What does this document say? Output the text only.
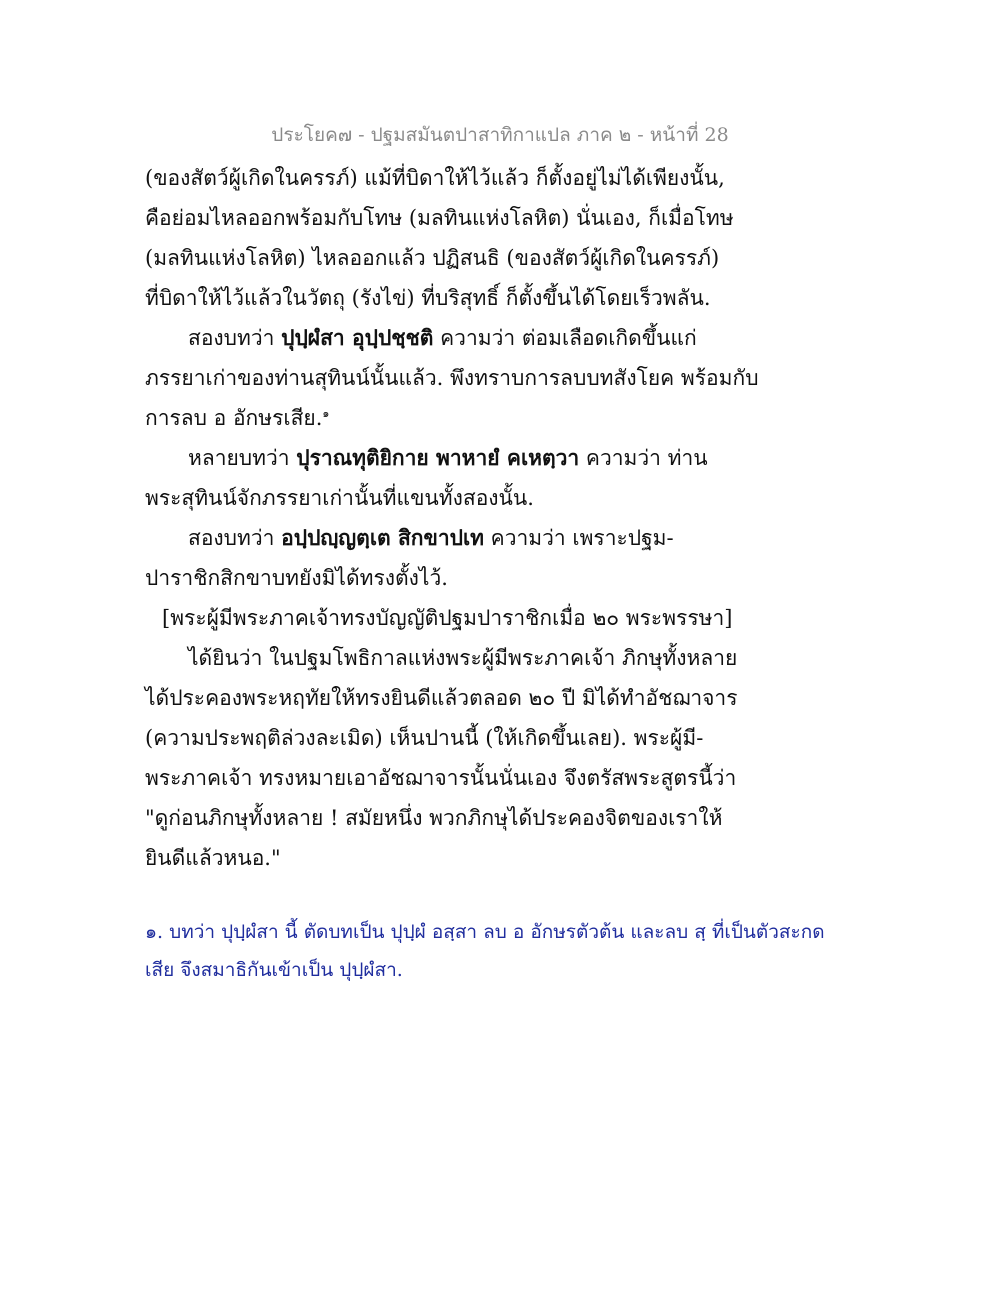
ประโยค๗ - ปฐมสมันตปาสาทิกาแปล ภาค ๒ - หน้าที่ 28
(ของสัตว์ผู้เกิดในครรภ์) แม้ที่บิดาให้ไว้แล้ว ก็ตั้งอยู่ไม่ได้เพียงนั้น,
คือย่อมไหลออกพร้อมกับโทษ (มลทินแห่งโลหิต) นั่นเอง, ก็เมื่อโทษ
(มลทินแห่งโลหิต) ไหลออกแล้ว ปฏิสนธิ (ของสัตว์ผู้เกิดในครรภ์)
ที่บิดาให้ไว้แล้วในวัตถุ (รังไข่) ที่บริสุทธิ์ ก็ตั้งขึ้นได้โดยเร็วพลัน.
สองบทว่า ปุปฺผํสา อุปฺปชฺชติ ความว่า ต่อมเลือดเกิดขึ้นแก่
ภรรยาเก่าของท่านสุทินน์นั้นแล้ว. พึงทราบการลบบทสังโยค พร้อมกับ
การลบ อ อักษรเสีย.$^๑$
หลายบทว่า ปุราณทุติยิกาย พาหายํ คเหตฺวา ความว่า ท่าน
พระสุทินน์จักภรรยาเก่านั้นที่แขนทั้งสองนั้น.
สองบทว่า อปฺปญฺญตฺเต สิกขาปเท ความว่า เพราะปฐม-
ปาราชิกสิกขาบทยังมิได้ทรงตั้งไว้.
[พระผู้มีพระภาคเจ้าทรงบัญญัติปฐมปาราชิกเมื่อ ๒๐ พระพรรษา]
ได้ยินว่า ในปฐมโพธิกาลแห่งพระผู้มีพระภาคเจ้า ภิกษุทั้งหลาย
ได้ประคองพระหฤทัยให้ทรงยินดีแล้วตลอด ๒๐ ปี มิได้ทำอัชฌาจาร
(ความประพฤติล่วงละเมิด) เห็นปานนี้ (ให้เกิดขึ้นเลย). พระผู้มี-
พระภาคเจ้า ทรงหมายเอาอัชฌาจารนั้นนั่นเอง จึงตรัสพระสูตรนี้ว่า
"ดูก่อนภิกษุทั้งหลาย ! สมัยหนึ่ง พวกภิกษุได้ประคองจิตของเราให้
ยินดีแล้วหนอ."
๑. บทว่า ปุปฺผํสา นี้ ตัดบทเป็น ปุปฺผํ อสฺสา ลบ อ อักษรตัวต้น และลบ สฺ ที่เป็นตัวสะกด
เสีย จึงสมาธิกันเข้าเป็น ปุปฺผํสา.
